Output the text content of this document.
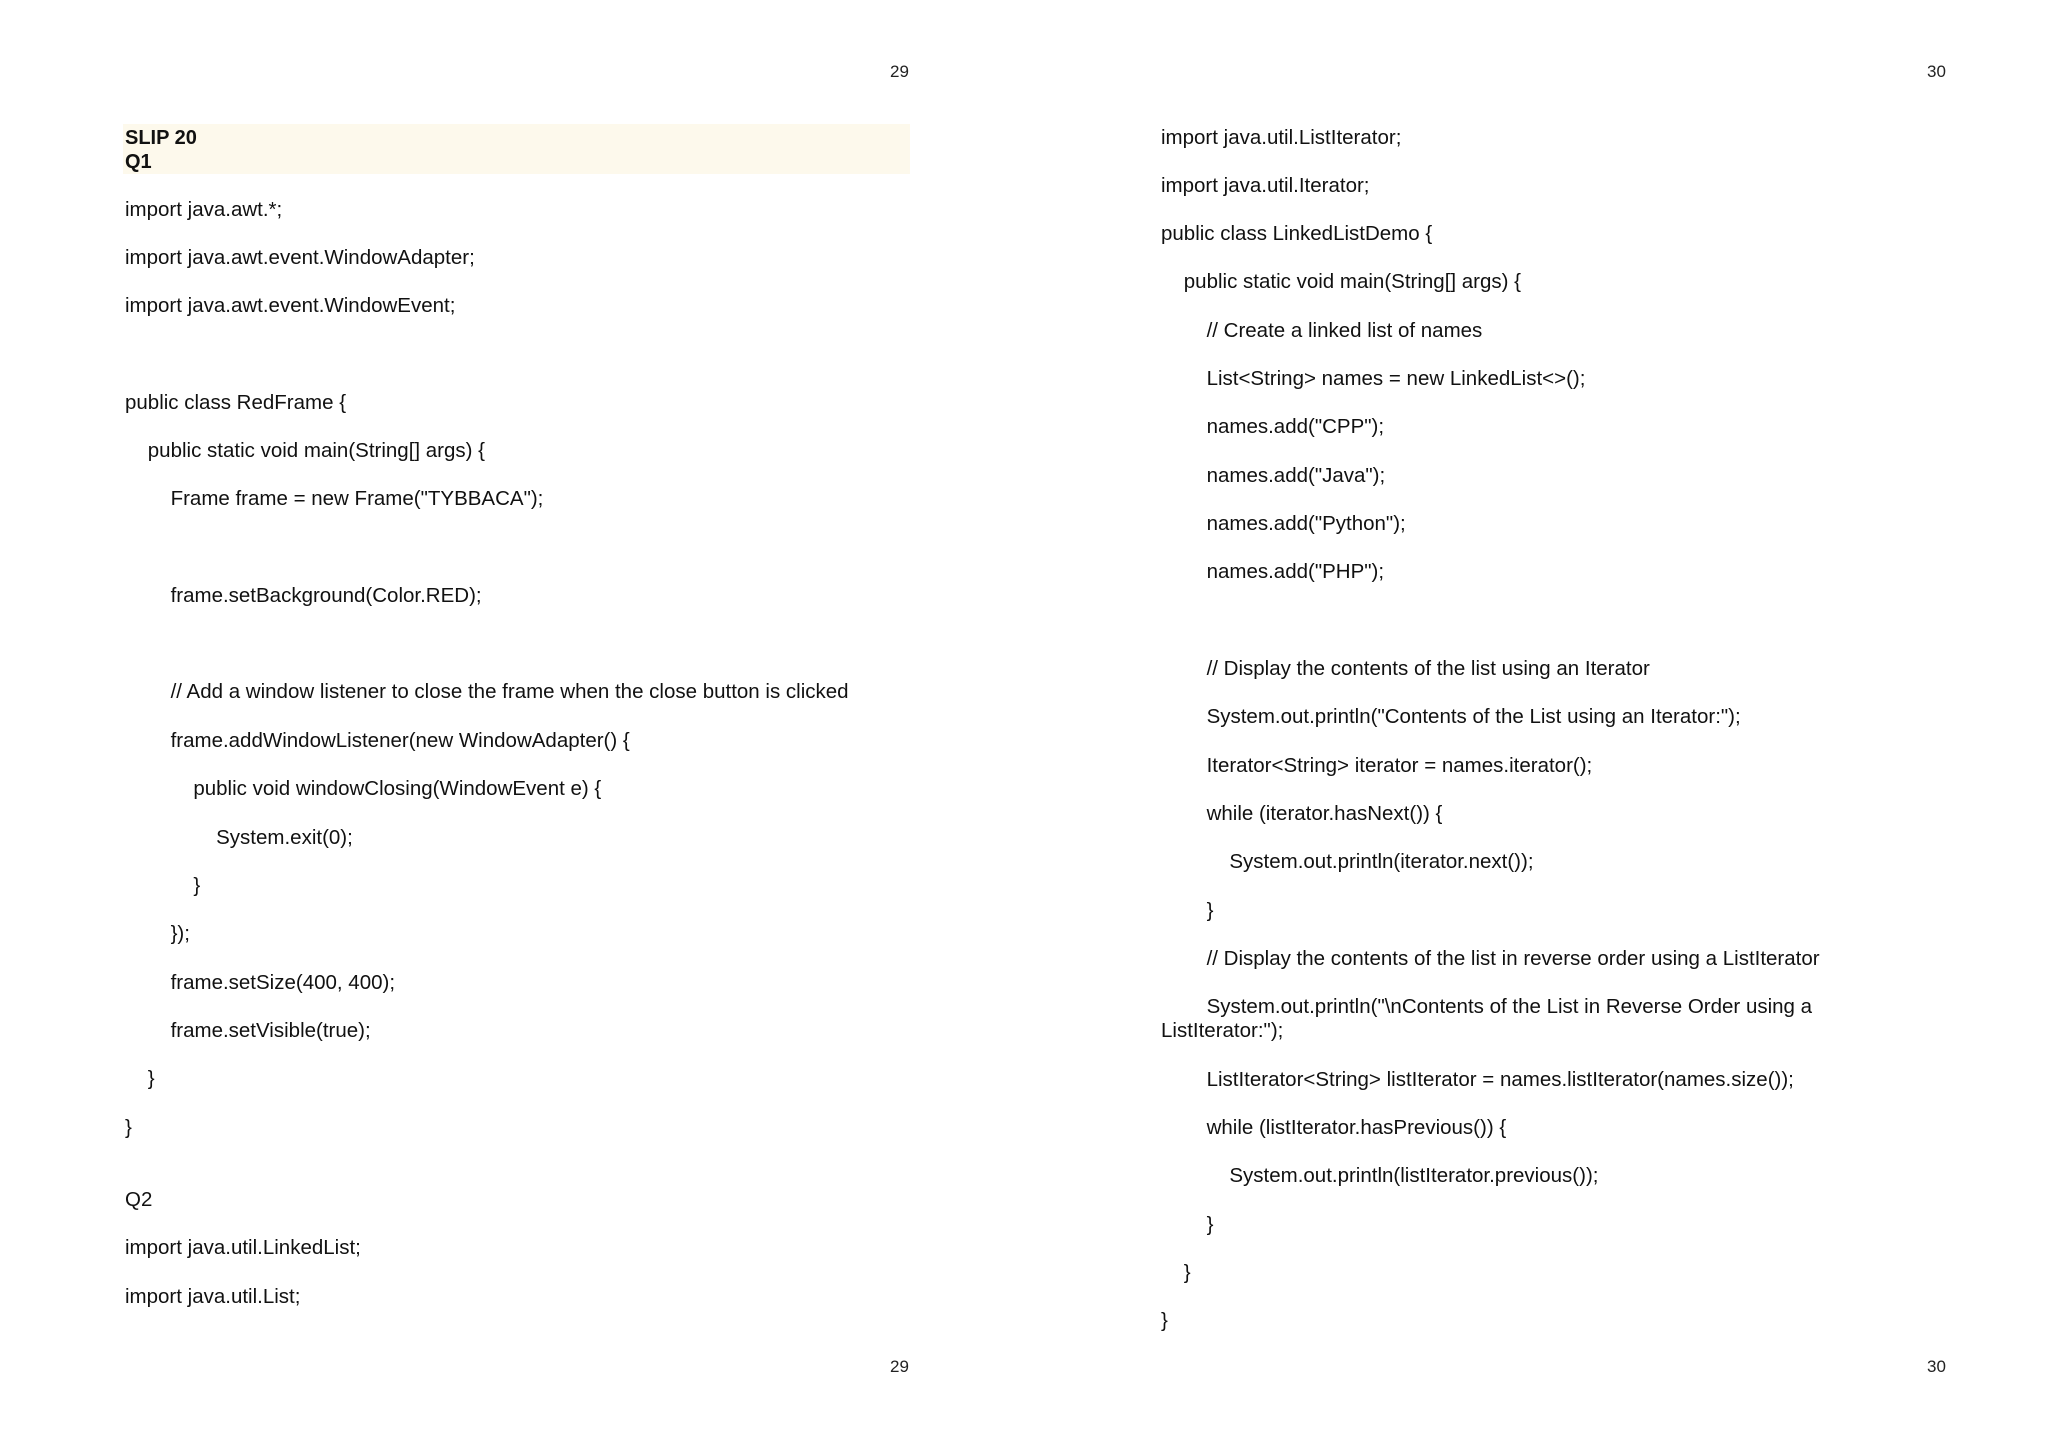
29
SLIP 20
Q1
import java.awt.*;
import java.awt.event.WindowAdapter;
import java.awt.event.WindowEvent;
public class RedFrame {
public static void main(String[] args) {
Frame frame = new Frame("TYBBACA");
frame.setBackground(Color.RED);
// Add a window listener to close the frame when the close button is clicked
frame.addWindowListener(new WindowAdapter() {
public void windowClosing(WindowEvent e) {
System.exit(0);
}
});
frame.setSize(400, 400);
frame.setVisible(true);
}
}
Q2
import java.util.LinkedList;
import java.util.List;
29
30
import java.util.ListIterator;
import java.util.Iterator;
public class LinkedListDemo {
public static void main(String[] args) {
// Create a linked list of names
List<String> names = new LinkedList<>();
names.add("CPP");
names.add("Java");
names.add("Python");
names.add("PHP");
// Display the contents of the list using an Iterator
System.out.println("Contents of the List using an Iterator:");
Iterator<String> iterator = names.iterator();
while (iterator.hasNext()) {
System.out.println(iterator.next());
}
// Display the contents of the list in reverse order using a ListIterator
System.out.println("\nContents of the List in Reverse Order using a
ListIterator:");
ListIterator<String> listIterator = names.listIterator(names.size());
while (listIterator.hasPrevious()) {
System.out.println(listIterator.previous());
}
}
}
30
